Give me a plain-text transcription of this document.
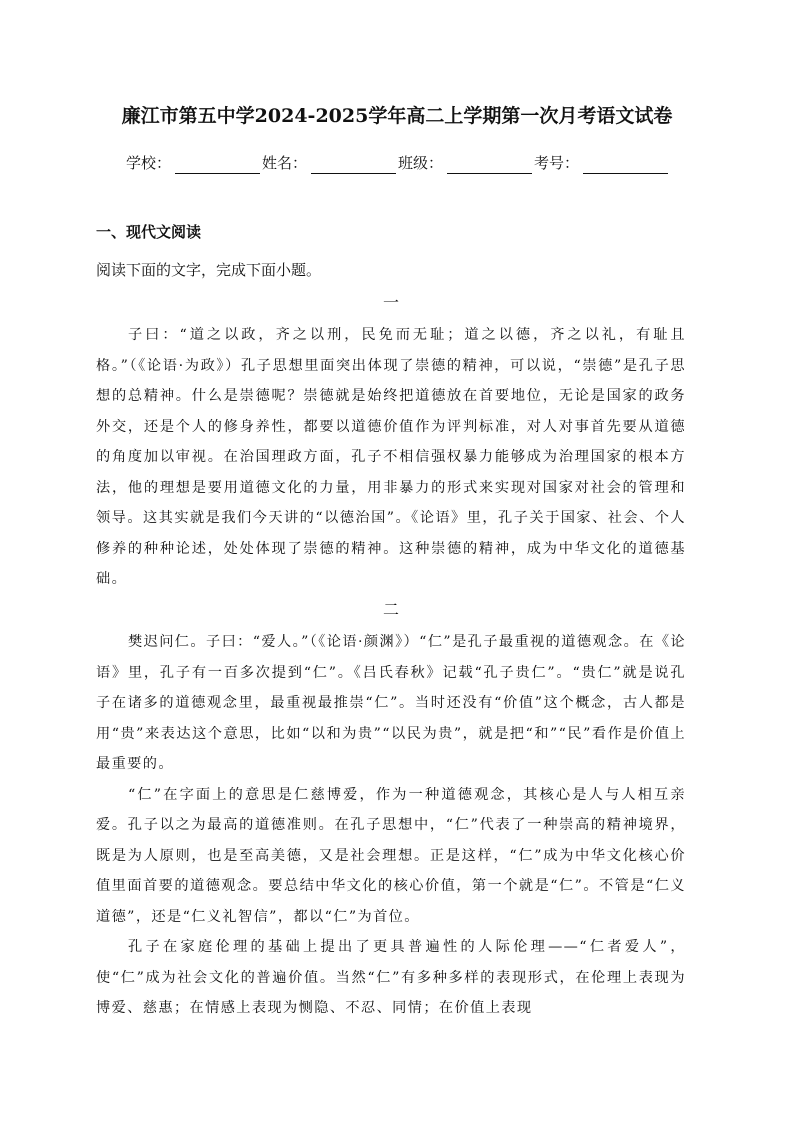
廉江市第五中学2024-2025学年高二上学期第一次月考语文试卷
学校：	姓名：	班级：	考号：
一、现代文阅读
阅读下面的文字，完成下面小题。
一

子曰：“道之以政，齐之以刑，民免而无耻；道之以德，齐之以礼，有耻且格。”（《论语·为政》）孔子思想里面突出体现了崇德的精神，可以说，“崇德”是孔子思想的总精神。什么是崇德呢？崇德就是始终把道德放在首要地位，无论是国家的政务外交，还是个人的修身养性，都要以道德价值作为评判标准，对人对事首先要从道德的角度加以审视。在治国理政方面，孔子不相信强权暴力能够成为治理国家的根本方法，他的理想是要用道德文化的力量，用非暴力的形式来实现对国家对社会的管理和领导。这其实就是我们今天讲的“以德治国”。《论语》里，孔子关于国家、社会、个人修养的种种论述，处处体现了崇德的精神。这种崇德的精神，成为中华文化的道德基础。

二

樊迟问仁。子曰：“爱人。”（《论语·颜渊》）“仁”是孔子最重视的道德观念。在《论语》里，孔子有一百多次提到“仁”。《吕氏春秋》记载“孔子贵仁”。“贵仁”就是说孔子在诸多的道德观念里，最重视最推崇“仁”。当时还没有“价值”这个概念，古人都是用“贵”来表达这个意思，比如“以和为贵”“以民为贵”，就是把“和”“民”看作是价值上最重要的。

“仁”在字面上的意思是仁慈博爱，作为一种道德观念，其核心是人与人相互亲爱。孔子以之为最高的道德准则。在孔子思想中，“仁”代表了一种崇高的精神境界，既是为人原则，也是至高美德，又是社会理想。正是这样，“仁”成为中华文化核心价值里面首要的道德观念。要总结中华文化的核心价值，第一个就是“仁”。不管是“仁义道德”，还是“仁义礼智信”，都以“仁”为首位。

孔子在家庭伦理的基础上提出了更具普遍性的人际伦理——“仁者爱人”，使“仁”成为社会文化的普遍价值。当然“仁”有多种多样的表现形式，在伦理上表现为博爱、慈惠；在情感上表现为恻隐、不忍、同情；在价值上表现
